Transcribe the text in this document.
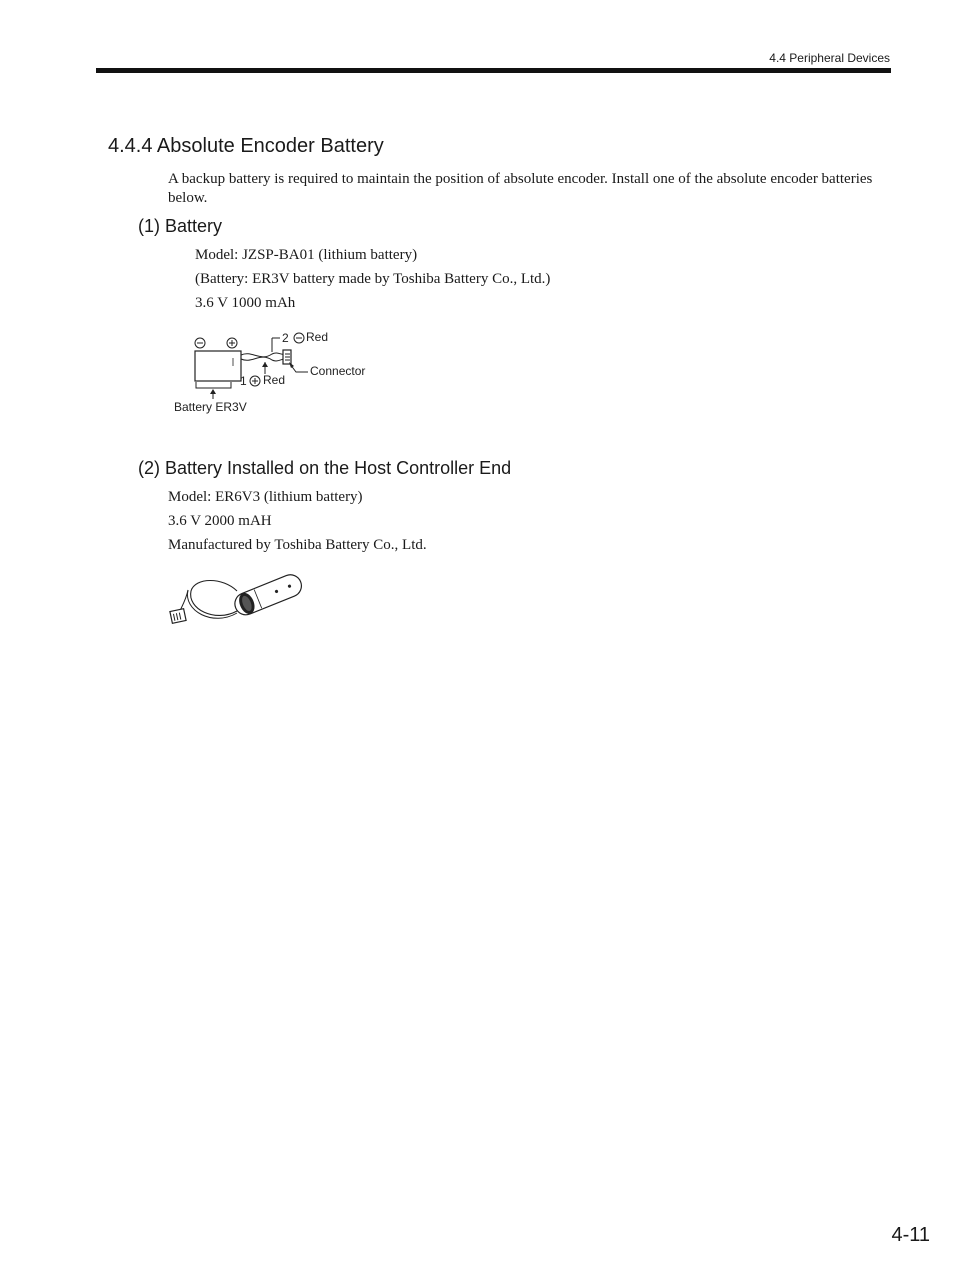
4.4 Peripheral Devices
4.4.4 Absolute Encoder Battery
A backup battery is required to maintain the position of absolute encoder. Install one of the absolute encoder batteries below.
(1) Battery
Model: JZSP-BA01 (lithium battery)
(Battery: ER3V battery made by Toshiba Battery Co., Ltd.)
3.6 V 1000 mAh
2 Red
Connector
1 Red
Battery ER3V
(2) Battery Installed on the Host Controller End
Model: ER6V3 (lithium battery)
3.6 V 2000 mAH
Manufactured by Toshiba Battery Co., Ltd.
4-11
